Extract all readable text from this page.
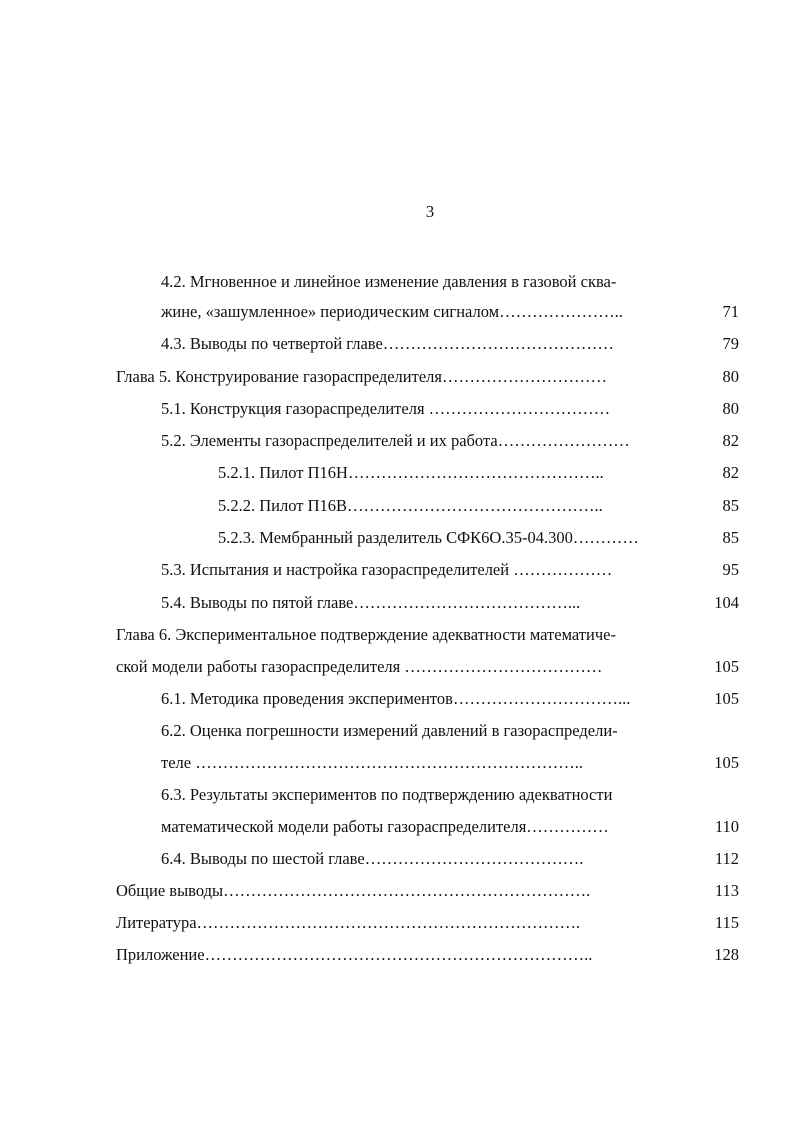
3
4.2. Мгновенное и линейное изменение давления в газовой сква-
жине, «зашумленное» периодическим сигналом…………………..	71
4.3. Выводы по четвертой главе……………………………………	79
Глава 5. Конструирование газораспределителя…………………………	80
5.1. Конструкция газораспределителя ……………………………	80
5.2. Элементы газораспределителей и их работа……………………	82
5.2.1. Пилот П16Н………………………………………..	82
5.2.2. Пилот П16В………………………………………..	85
5.2.3. Мембранный разделитель СФК6О.35-04.300…………	85
5.3. Испытания и настройка газораспределителей ………………	95
5.4. Выводы по пятой главе…………………………………...	104
Глава 6. Экспериментальное подтверждение адекватности математиче-
ской модели работы газораспределителя ………………………………	105
6.1. Методика проведения экспериментов…………………………...	105
6.2. Оценка погрешности измерений давлений в газораспредели-
теле ……………………………………………………………..	105
6.3. Результаты экспериментов по подтверждению адекватности
математической модели работы газораспределителя……………	110
6.4. Выводы по шестой главе………………………………….	112
Общие выводы………………………………………………………….	113
Литература…………………………………………………………….	115
Приложение……………………………………………………………..	128
